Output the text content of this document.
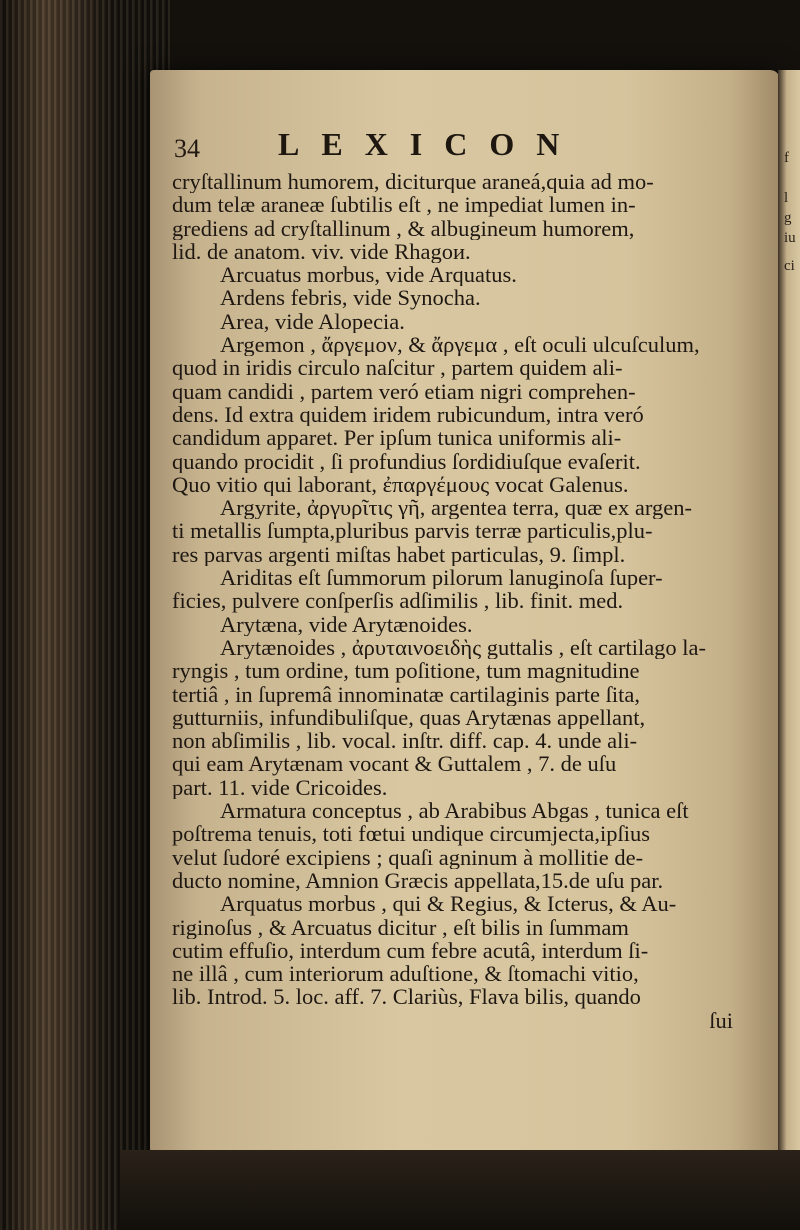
34 LEXICON
cryſtallinum humorem, diciturque araneá,quia ad mo-
dum telæ araneæ ſubtilis eſt , ne impediat lumen in-
grediens ad cryſtallinum , & albugineum humorem,
lid. de anatom. viv. vide Rhagoи.
Arcuatus morbus, vide Arquatus.
Ardens febris, vide Synocha.
Area, vide Alopecia.
Argemon , ἄργεμον, & ἄργεμα , eſt oculi ulcuſculum,
quod in iridis circulo naſcitur , partem quidem ali-
quam candidi , partem veró etiam nigri comprehen-
dens. Id extra quidem iridem rubicundum, intra veró
candidum apparet. Per ipſum tunica uniformis ali-
quando procidit , ſi profundius ſordidiuſque evaſerit.
Quo vitio qui laborant, ἐπαργέμους vocat Galenus.
Argyrite, ἀργυρῖτις γῆ, argentea terra, quæ ex argen-
ti metallis ſumpta,pluribus parvis terræ particulis,plu-
res parvas argenti miſtas habet particulas, 9. ſimpl.
Ariditas eſt ſummorum pilorum lanuginoſa ſuper-
ficies, pulvere conſperſis adſimilis , lib. finit. med.
Arytæna, vide Arytænoides.
Arytænoides , ἀρυταινοειδὴς guttalis , eſt cartilago la-
ryngis , tum ordine, tum poſitione, tum magnitudine
tertiâ , in ſupremâ innominatæ cartilaginis parte ſita,
gutturniis, infundibuliſque, quas Arytænas appellant,
non abſimilis , lib. vocal. inſtr. diff. cap. 4. unde ali-
qui eam Arytænam vocant & Guttalem , 7. de uſu
part. 11. vide Cricoides.
Armatura conceptus , ab Arabibus Abgas , tunica eſt
poſtrema tenuis, toti fœtui undique circumjecta,ipſius
velut ſudoré excipiens ; quaſi agninum à mollitie de-
ducto nomine, Amnion Græcis appellata,15.de uſu par.
Arquatus morbus , qui & Regius, & Icterus, & Au-
riginoſus , & Arcuatus dicitur , eſt bilis in ſummam
cutim effuſio, interdum cum febre acutâ, interdum ſi-
ne illâ , cum interiorum aduſtione, & ſtomachi vitio,
lib. Introd. 5. loc. aff. 7. Clariùs, Flava bilis, quando
ſui
f
l
g
iu
ci
